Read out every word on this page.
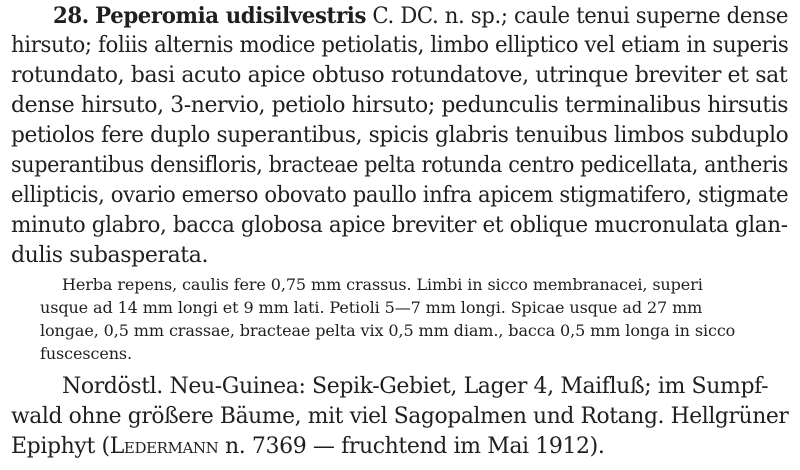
28. Peperomia udisilvestris C. DC. n. sp.; caule tenui superne dense
hirsuto; foliis alternis modice petiolatis, limbo elliptico vel etiam in superis
rotundato, basi acuto apice obtuso rotundatove, utrinque breviter et sat
dense hirsuto, 3-nervio, petiolo hirsuto; pedunculis terminalibus hirsutis
petiolos fere duplo superantibus, spicis glabris tenuibus limbos subduplo
superantibus densifloris, bracteae pelta rotunda centro pedicellata, antheris
ellipticis, ovario emerso obovato paullo infra apicem stigmatifero, stigmate
minuto glabro, bacca globosa apice breviter et oblique mucronulata glan-
dulis subasperata.
Herba repens, caulis fere 0,75 mm crassus. Limbi in sicco membranacei, superi
usque ad 14 mm longi et 9 mm lati. Petioli 5—7 mm longi. Spicae usque ad 27 mm
longae, 0,5 mm crassae, bracteae pelta vix 0,5 mm diam., bacca 0,5 mm longa in sicco
fuscescens.
Nordöstl. Neu-Guinea: Sepik-Gebiet, Lager 4, Maifluß; im Sumpf-
wald ohne größere Bäume, mit viel Sagopalmen und Rotang. Hellgrüner
Epiphyt (Ledermann n. 7369 — fruchtend im Mai 1912).
